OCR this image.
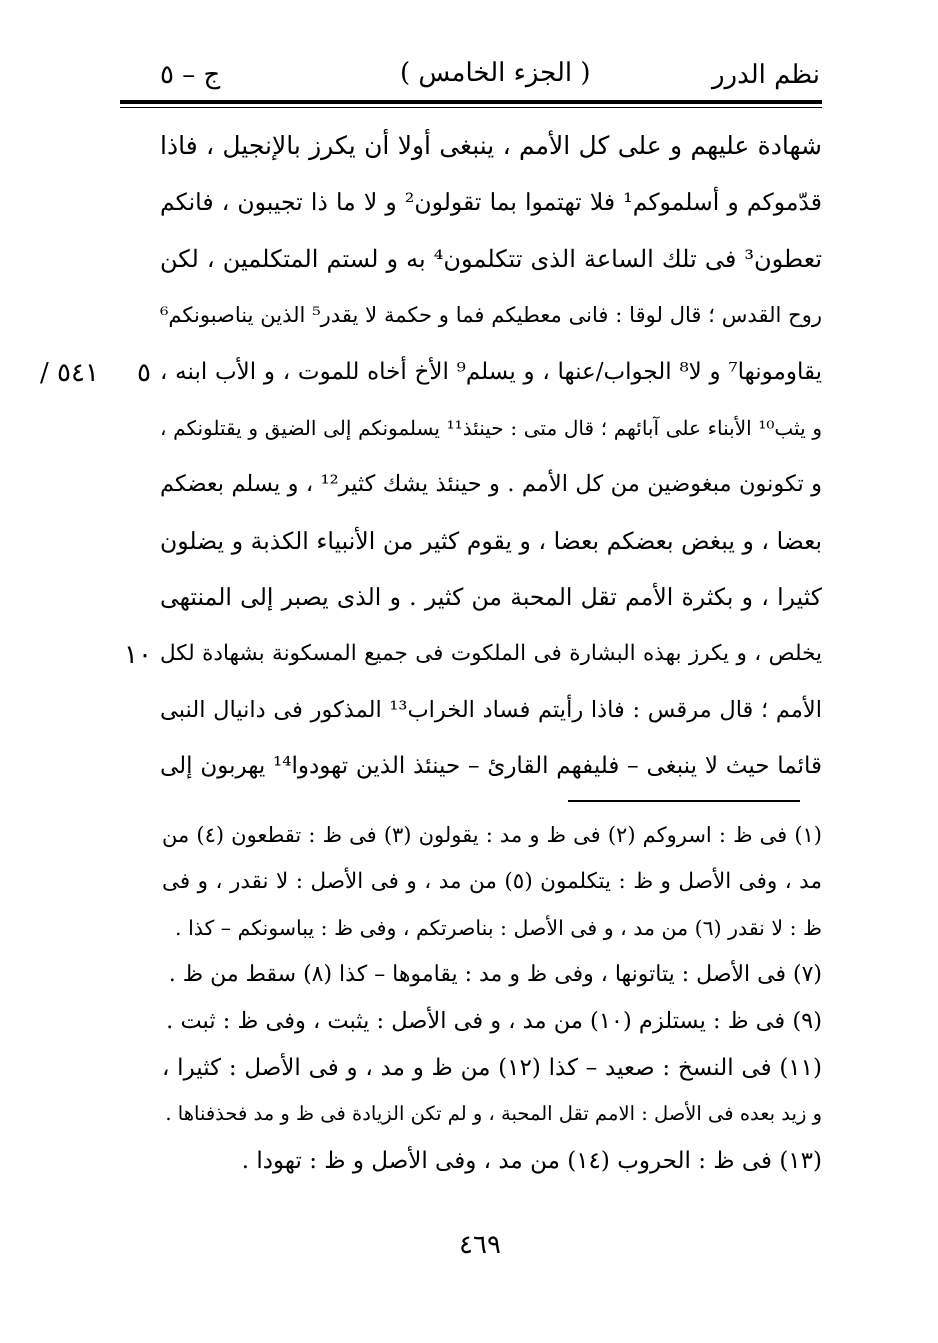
نظم الدرر
( الجزء الخامس )
ج – ٥
شهادة عليهم و على كل الأمم ، ينبغى أولا أن يكرز بالإنجيل ، فاذا
قدّموكم و أسلموكم¹ فلا تهتموا بما تقولون² و لا ما ذا تجيبون ، فانكم
تعطون³ فى تلك الساعة الذى تتكلمون⁴ به و لستم المتكلمين ، لكن
روح القدس ؛ قال لوقا : فانى معطيكم فما و حكمة لا يقدر⁵ الذين يناصبونكم⁶
يقاومونها⁷ و لا⁸ الجواب/عنها ، و يسلم⁹ الأخ أخاه للموت ، و الأب ابنه ،
و يثب¹⁰ الأبناء على آبائهم ؛ قال متى : حينئذ¹¹ يسلمونكم إلى الضيق و يقتلونكم ،
و تكونون مبغوضين من كل الأمم . و حينئذ يشك كثير¹² ، و يسلم بعضكم
بعضا ، و يبغض بعضكم بعضا ، و يقوم كثير من الأنبياء الكذبة و يضلون
كثيرا ، و بكثرة الأمم تقل المحبة من كثير . و الذى يصبر إلى المنتهى
يخلص ، و يكرز بهذه البشارة فى الملكوت فى جميع المسكونة بشهادة لكل
الأمم ؛ قال مرقس : فاذا رأيتم فساد الخراب¹³ المذكور فى دانيال النبى
قائما حيث لا ينبغى – فليفهم القارئ – حينئذ الذين تهودوا¹⁴ يهربون إلى
٥
٥٤١ /
١٠
(١) فى ظ : اسروكم (٢) فى ظ و مد : يقولون (٣) فى ظ : تقطعون (٤) من
مد ، وفى الأصل و ظ : يتكلمون (٥) من مد ، و فى الأصل : لا نقدر ، و فى
ظ : لا نقدر (٦) من مد ، و فى الأصل : بناصرتكم ، وفى ظ : يباسونكم – كذا .
(٧) فى الأصل : يتاتونها ، وفى ظ و مد : يقاموها – كذا (٨) سقط من ظ .
(٩) فى ظ : يستلزم (١٠) من مد ، و فى الأصل : يثبت ، وفى ظ : ثبت .
(١١) فى النسخ : صعيد – كذا (١٢) من ظ و مد ، و فى الأصل : كثيرا ،
و زيد بعده فى الأصل : الامم تقل المحبة ، و لم تكن الزيادة فى ظ و مد فحذفناها .
(١٣) فى ظ : الحروب (١٤) من مد ، وفى الأصل و ظ : تهودا .
٤٦٩
